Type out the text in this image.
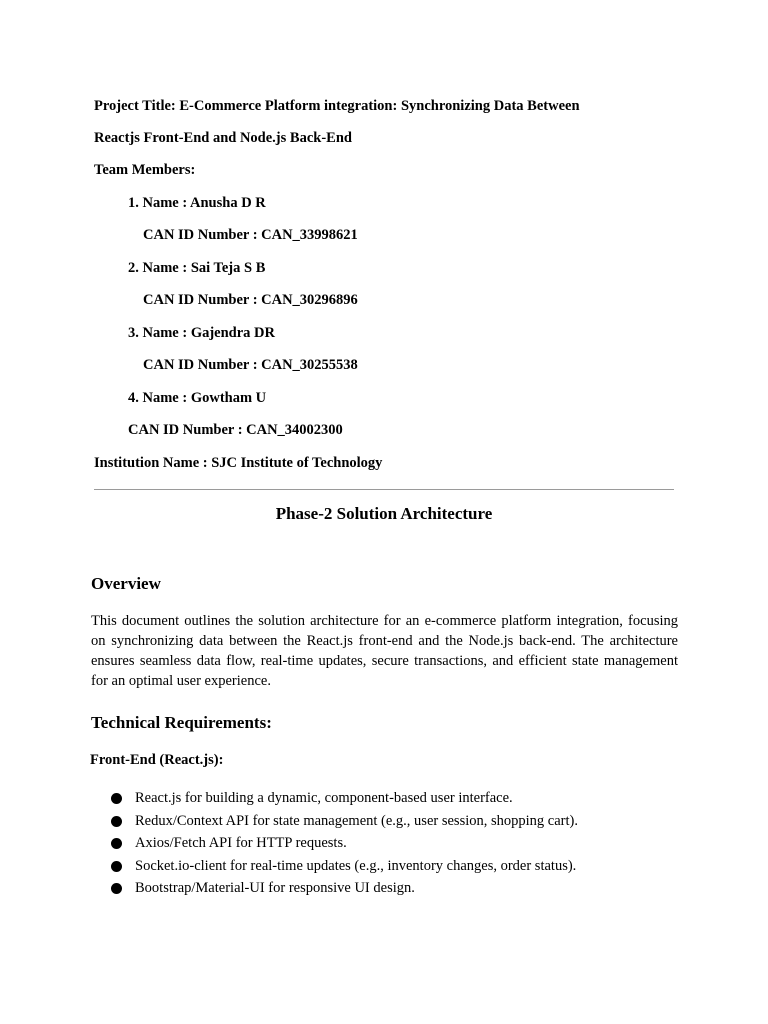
Project Title: E-Commerce Platform integration: Synchronizing Data Between
Reactjs Front-End and Node.js Back-End
Team Members:
1. Name : Anusha D R
CAN ID Number : CAN_33998621
2. Name : Sai Teja S B
CAN ID Number : CAN_30296896
3. Name : Gajendra DR
CAN ID Number : CAN_30255538
4. Name : Gowtham U
CAN ID Number : CAN_34002300
Institution Name : SJC Institute of Technology
Phase-2 Solution Architecture
Overview
This document outlines the solution architecture for an e-commerce platform integration, focusing on synchronizing data between the React.js front-end and the Node.js back-end. The architecture ensures seamless data flow, real-time updates, secure transactions, and efficient state management for an optimal user experience.
Technical Requirements:
Front-End (React.js):
React.js for building a dynamic, component-based user interface.
Redux/Context API for state management (e.g., user session, shopping cart).
Axios/Fetch API for HTTP requests.
Socket.io-client for real-time updates (e.g., inventory changes, order status).
Bootstrap/Material-UI for responsive UI design.
